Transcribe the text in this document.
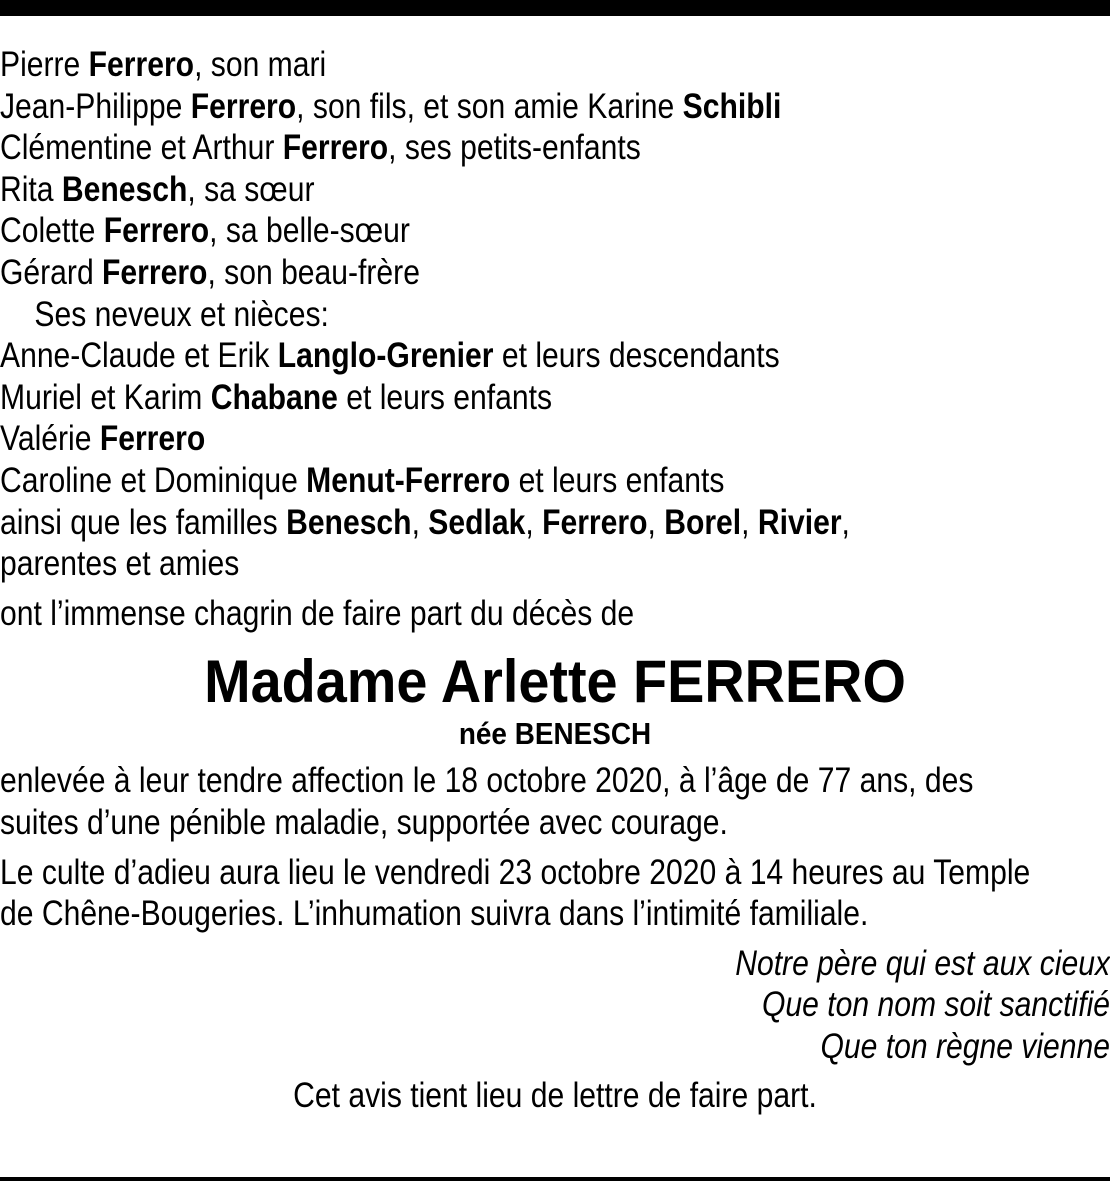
Pierre Ferrero, son mari
Jean-Philippe Ferrero, son fils, et son amie Karine Schibli
Clémentine et Arthur Ferrero, ses petits-enfants
Rita Benesch, sa sœur
Colette Ferrero, sa belle-sœur
Gérard Ferrero, son beau-frère
Ses neveux et nièces:
Anne-Claude et Erik Langlo-Grenier et leurs descendants
Muriel et Karim Chabane et leurs enfants
Valérie Ferrero
Caroline et Dominique Menut-Ferrero et leurs enfants
ainsi que les familles Benesch, Sedlak, Ferrero, Borel, Rivier,
parentes et amies
ont l’immense chagrin de faire part du décès de
Madame Arlette FERRERO
née BENESCH
enlevée à leur tendre affection le 18 octobre 2020, à l’âge de 77 ans, des
suites d’une pénible maladie, supportée avec courage.
Le culte d’adieu aura lieu le vendredi 23 octobre 2020 à 14 heures au Temple
de Chêne-Bougeries. L’inhumation suivra dans l’intimité familiale.
Notre père qui est aux cieux
Que ton nom soit sanctifié
Que ton règne vienne
Cet avis tient lieu de lettre de faire part.
